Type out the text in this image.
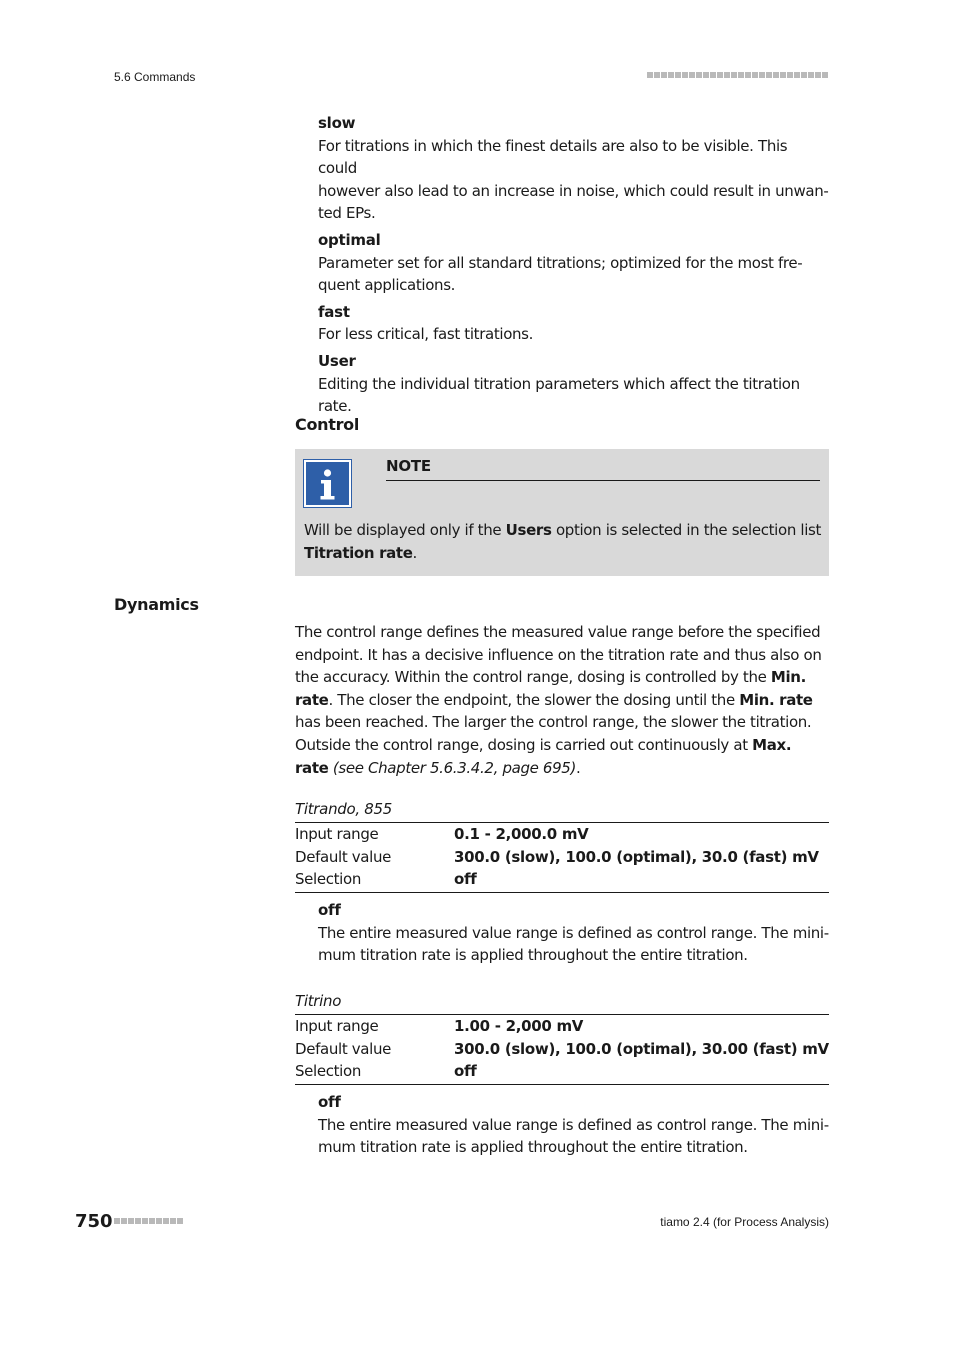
5.6 Commands
slow
For titrations in which the finest details are also to be visible. This could
however also lead to an increase in noise, which could result in unwan-
ted EPs.
optimal
Parameter set for all standard titrations; optimized for the most fre-
quent applications.
fast
For less critical, fast titrations.
User
Editing the individual titration parameters which affect the titration
rate.
Control
NOTE
Will be displayed only if the Users option is selected in the selection list
Titration rate.
Dynamics
The control range defines the measured value range before the specified
endpoint. It has a decisive influence on the titration rate and thus also on
the accuracy. Within the control range, dosing is controlled by the Min.
rate. The closer the endpoint, the slower the dosing until the Min. rate
has been reached. The larger the control range, the slower the titration.
Outside the control range, dosing is carried out continuously at Max.
rate (see Chapter 5.6.3.4.2, page 695).
Titrando, 855
Input range	0.1 - 2,000.0 mV
Default value	300.0 (slow), 100.0 (optimal), 30.0 (fast) mV
Selection	off
off
The entire measured value range is defined as control range. The mini-
mum titration rate is applied throughout the entire titration.
Titrino
Input range	1.00 - 2,000 mV
Default value	300.0 (slow), 100.0 (optimal), 30.00 (fast) mV
Selection	off
off
The entire measured value range is defined as control range. The mini-
mum titration rate is applied throughout the entire titration.
750	tiamo 2.4 (for Process Analysis)
